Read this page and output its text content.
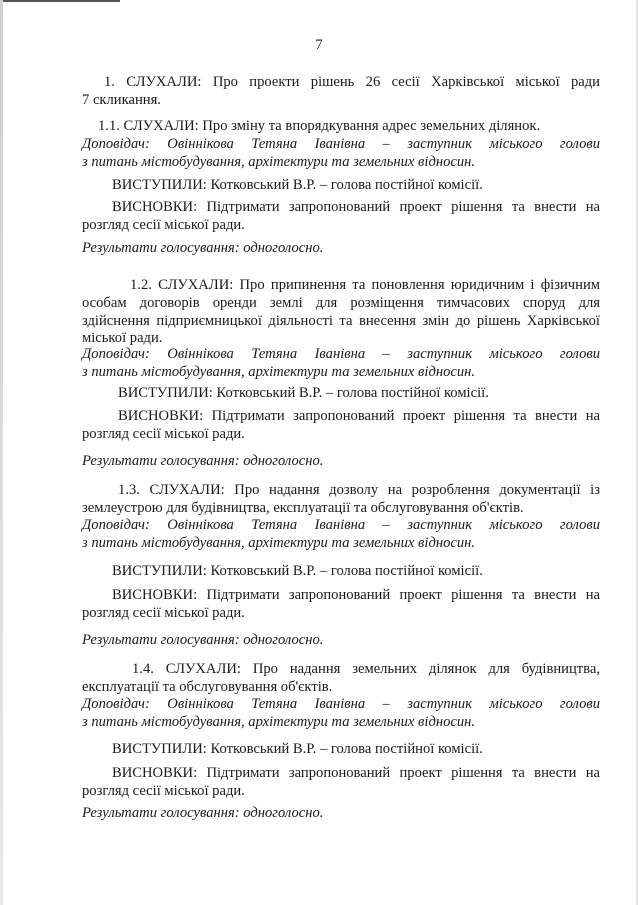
7
1. СЛУХАЛИ: Про проекти рішень 26 сесії Харківської міської ради
7 скликання.
1.1. СЛУХАЛИ: Про зміну та впорядкування адрес земельних ділянок.
Доповідач: Овіннікова Тетяна Іванівна – заступник міського голови
з питань містобудування, архітектури та земельних відносин.
ВИСТУПИЛИ: Котковський В.Р. – голова постійної комісії.
ВИСНОВКИ: Підтримати запропонований проект рішення та внести на
розгляд сесії міської ради.
Результати голосування: одноголосно.
1.2. СЛУХАЛИ: Про припинення та поновлення юридичним і фізичним
особам договорів оренди землі для розміщення тимчасових споруд для
здійснення підприємницької діяльності та внесення змін до рішень Харківської
міської ради.
Доповідач: Овіннікова Тетяна Іванівна – заступник міського голови
з питань містобудування, архітектури та земельних відносин.
ВИСТУПИЛИ: Котковський В.Р. – голова постійної комісії.
ВИСНОВКИ: Підтримати запропонований проект рішення та внести на
розгляд сесії міської ради.
Результати голосування: одноголосно.
1.3. СЛУХАЛИ: Про надання дозволу на розроблення документації із
землеустрою для будівництва, експлуатації та обслуговування об'єктів.
Доповідач: Овіннікова Тетяна Іванівна – заступник міського голови
з питань містобудування, архітектури та земельних відносин.
ВИСТУПИЛИ: Котковський В.Р. – голова постійної комісії.
ВИСНОВКИ: Підтримати запропонований проект рішення та внести на
розгляд сесії міської ради.
Результати голосування: одноголосно.
1.4. СЛУХАЛИ: Про надання земельних ділянок для будівництва,
експлуатації та обслуговування об'єктів.
Доповідач: Овіннікова Тетяна Іванівна – заступник міського голови
з питань містобудування, архітектури та земельних відносин.
ВИСТУПИЛИ: Котковський В.Р. – голова постійної комісії.
ВИСНОВКИ: Підтримати запропонований проект рішення та внести на
розгляд сесії міської ради.
Результати голосування: одноголосно.
